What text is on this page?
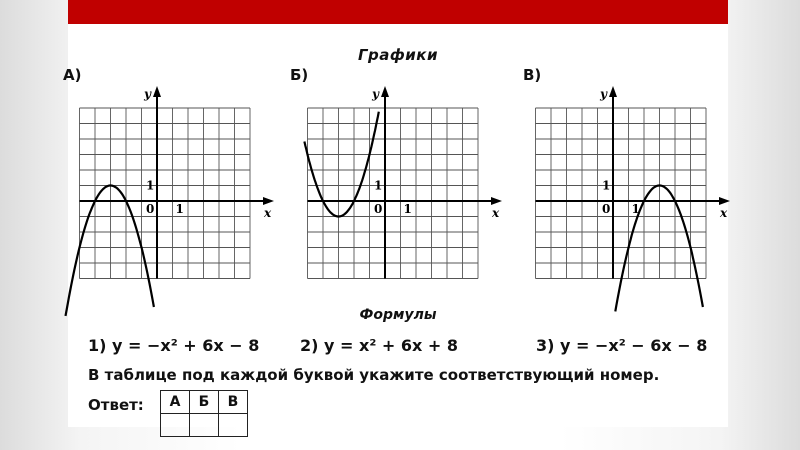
Графики
А)	Б)	В)
y
x
0 1
1
y
x
0 1
1
y
x
0 1
1
Формулы
1) y = −x² + 6x − 8	2) y = x² + 6x + 8	3) y = −x² − 6x − 8
В таблице под каждой буквой укажите соответствующий номер.
Ответ: А	Б	В
